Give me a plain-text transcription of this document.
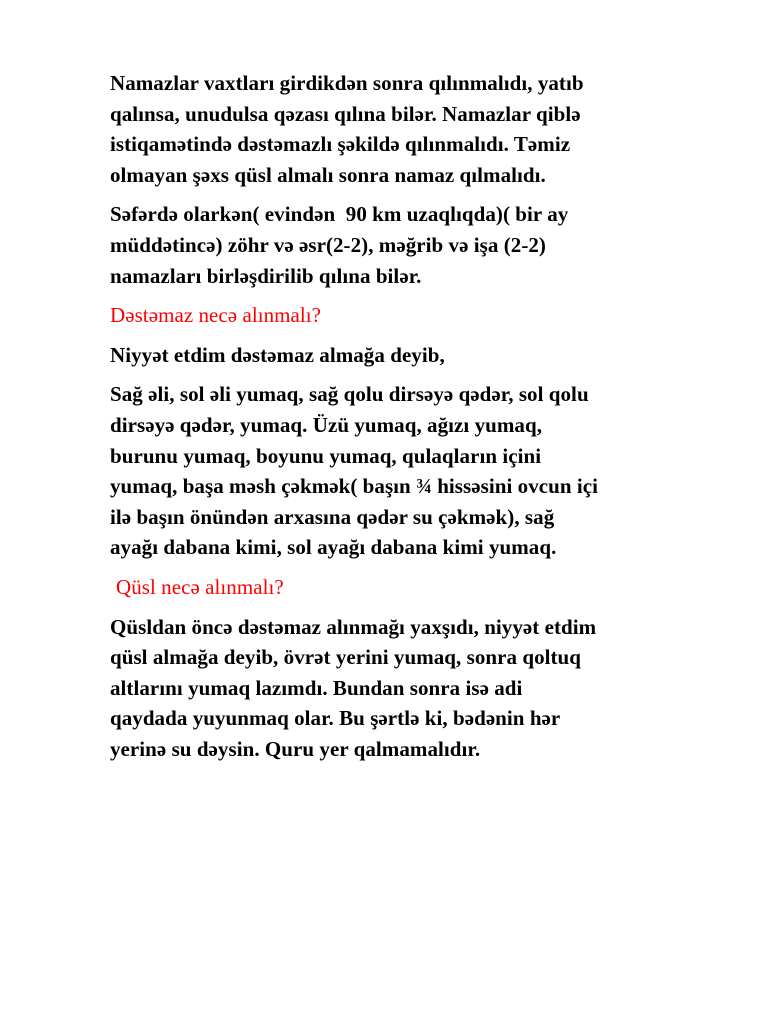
Namazlar vaxtları girdikdən sonra qılınmalıdı, yatıb
qalınsa, unudulsa qəzası qılına bilər. Namazlar qiblə
istiqamətində dəstəmazlı şəkildə qılınmalıdı. Təmiz
olmayan şəxs qüsl almalı sonra namaz qılmalıdı.

Səfərdə olarkən( evindən  90 km uzaqlıqda)( bir ay
müddətincə) zöhr və əsr(2-2), məğrib və işa (2-2)
namazları birləşdirilib qılına bilər.

Dəstəmaz necə alınmalı?

Niyyət etdim dəstəmaz almağa deyib,

Sağ əli, sol əli yumaq, sağ qolu dirsəyə qədər, sol qolu
dirsəyə qədər, yumaq. Üzü yumaq, ağızı yumaq,
burunu yumaq, boyunu yumaq, qulaqların içini
yumaq, başa məsh çəkmək( başın ¾ hissəsini ovcun içi
ilə başın önündən arxasına qədər su çəkmək), sağ
ayağı dabana kimi, sol ayağı dabana kimi yumaq.

Qüsl necə alınmalı?

Qüsldan öncə dəstəmaz alınmağı yaxşıdı, niyyət etdim
qüsl almağa deyib, övrət yerini yumaq, sonra qoltuq
altlarını yumaq lazımdı. Bundan sonra isə adi
qaydada yuyunmaq olar. Bu şərtlə ki, bədənin hər
yerinə su dəysin. Quru yer qalmamalıdır.
